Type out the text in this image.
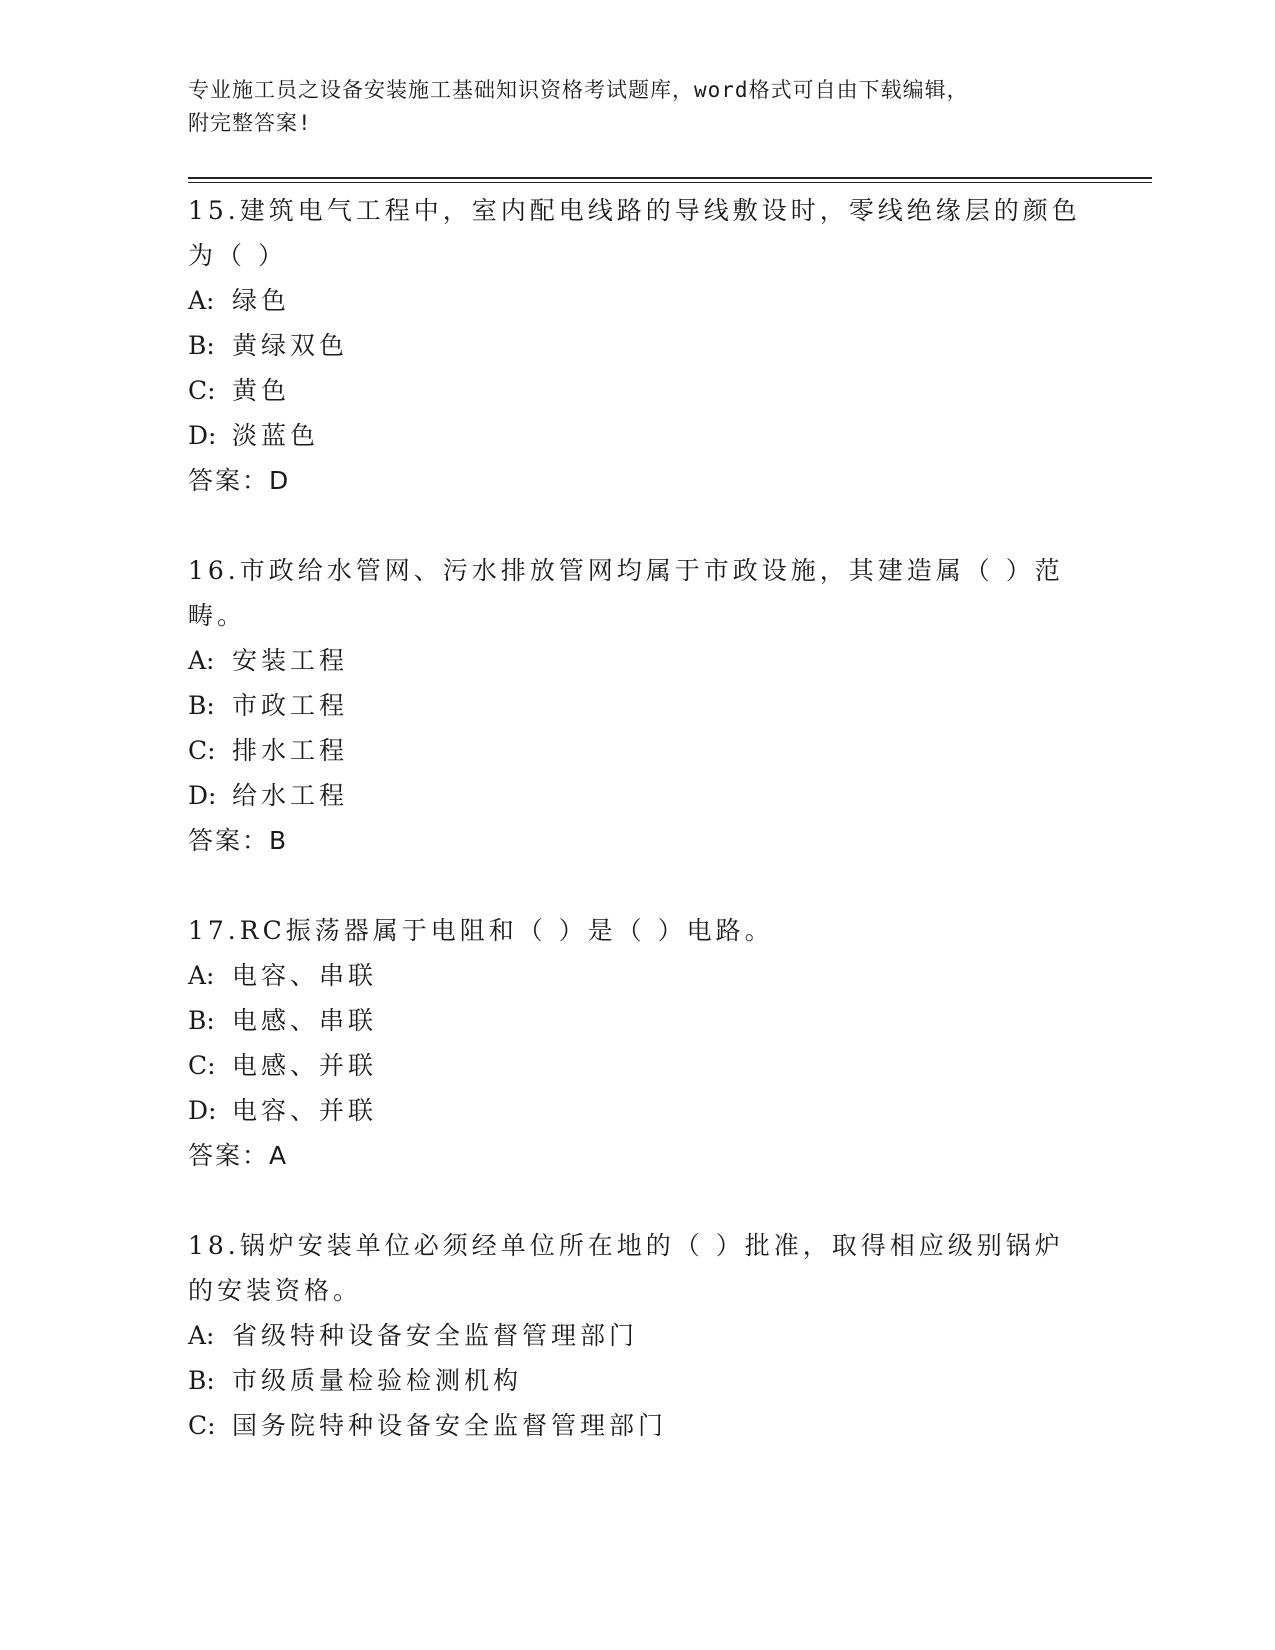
专业施工员之设备安装施工基础知识资格考试题库，word格式可自由下载编辑，
附完整答案!

15.建筑电气工程中，室内配电线路的导线敷设时，零线绝缘层的颜色为（ ）

A: 绿色

B: 黄绿双色

C: 黄色

D: 淡蓝色

答案：D

16.市政给水管网、污水排放管网均属于市政设施，其建造属（ ）范畴。

A: 安装工程

B: 市政工程

C: 排水工程

D: 给水工程

答案：B

17.RC振荡器属于电阻和（ ）是（ ）电路。

A: 电容、串联

B: 电感、串联

C: 电感、并联

D: 电容、并联

答案：A

18.锅炉安装单位必须经单位所在地的（ ）批准，取得相应级别锅炉的安装资格。

A: 省级特种设备安全监督管理部门

B: 市级质量检验检测机构

C: 国务院特种设备安全监督管理部门
